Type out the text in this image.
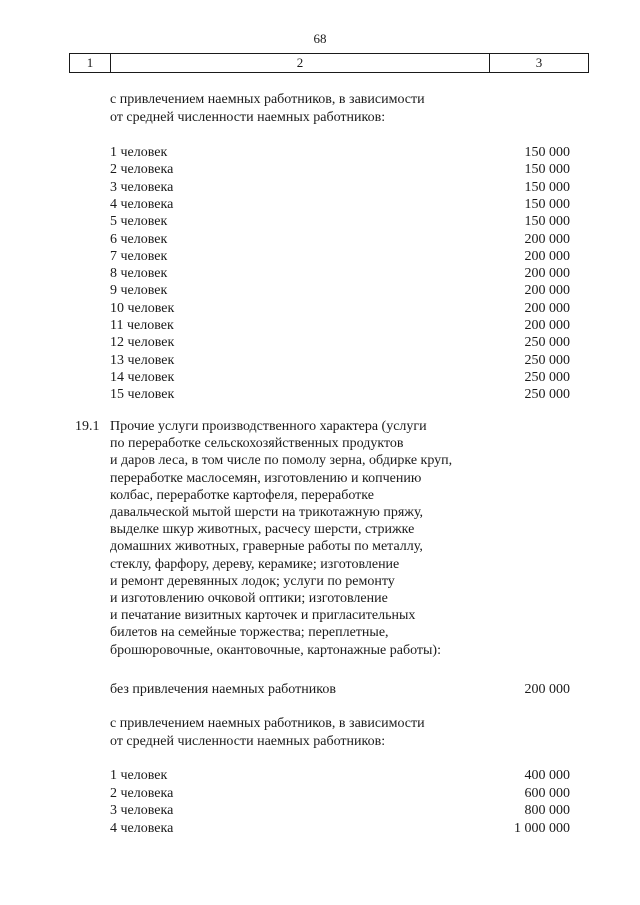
68
1	2	3
с привлечением наемных работников, в зависимости
от средней численности наемных работников:
1 человек	150 000
2 человека	150 000
3 человека	150 000
4 человека	150 000
5 человек	150 000
6 человек	200 000
7 человек	200 000
8 человек	200 000
9 человек	200 000
10 человек	200 000
11 человек	200 000
12 человек	250 000
13 человек	250 000
14 человек	250 000
15 человек	250 000
19.1 Прочие услуги производственного характера (услуги
по переработке сельскохозяйственных продуктов
и даров леса, в том числе по помолу зерна, обдирке круп,
переработке маслосемян, изготовлению и копчению
колбас, переработке картофеля, переработке
давальческой мытой шерсти на трикотажную пряжу,
выделке шкур животных, расчесу шерсти, стрижке
домашних животных, граверные работы по металлу,
стеклу, фарфору, дереву, керамике; изготовление
и ремонт деревянных лодок; услуги по ремонту
и изготовлению очковой оптики; изготовление
и печатание визитных карточек и пригласительных
билетов на семейные торжества; переплетные,
брошюровочные, окантовочные, картонажные работы):
без привлечения наемных работников	200 000
с привлечением наемных работников, в зависимости
от средней численности наемных работников:
1 человек	400 000
2 человека	600 000
3 человека	800 000
4 человека	1 000 000
